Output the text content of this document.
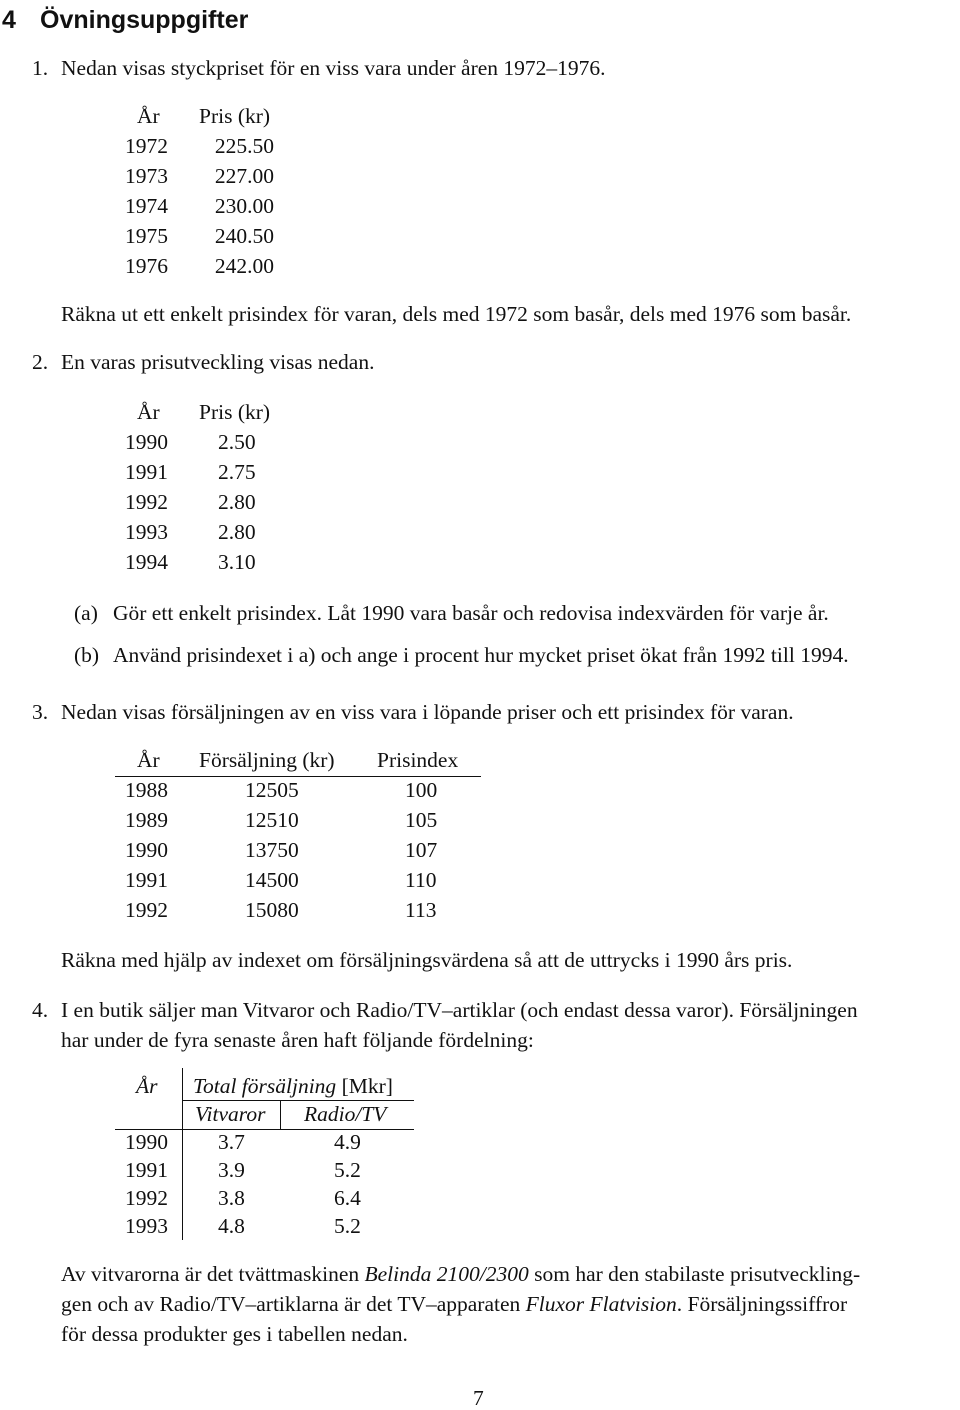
4 Övningsuppgifter
1. Nedan visas styckpriset för en viss vara under åren 1972–1976.
År Pris (kr)
1972	225.50
1973	227.00
1974	230.00
1975	240.50
1976	242.00
Räkna ut ett enkelt prisindex för varan, dels med 1972 som basår, dels med 1976 som basår.
2. En varas prisutveckling visas nedan.
År Pris (kr)
1990 2.50
1991 2.75
1992 2.80
1993 2.80
1994 3.10
(a) Gör ett enkelt prisindex. Låt 1990 vara basår och redovisa indexvärden för varje år.
(b) Använd prisindexet i a) och ange i procent hur mycket priset ökat från 1992 till 1994.
3. Nedan visas försäljningen av en viss vara i löpande priser och ett prisindex för varan.
År Försäljning (kr) Prisindex
1988	12505	100
1989	12510	105
1990	13750	107
1991	14500	110
1992	15080	113
Räkna med hjälp av indexet om försäljningsvärdena så att de uttrycks i 1990 års pris.
4. I en butik säljer man Vitvaror och Radio/TV–artiklar (och endast dessa varor). Försäljningen
har under de fyra senaste åren haft följande fördelning:
År Total försäljning [Mkr]
Vitvaror Radio/TV
1990 3.7	4.9
1991 3.9	5.2
1992 3.8	6.4
1993 4.8	5.2
Av vitvarorna är det tvättmaskinen Belinda 2100/2300 som har den stabilaste prisutveckling-
gen och av Radio/TV–artiklarna är det TV–apparaten Fluxor Flatvision. Försäljningssiffror
för dessa produkter ges i tabellen nedan.
7
